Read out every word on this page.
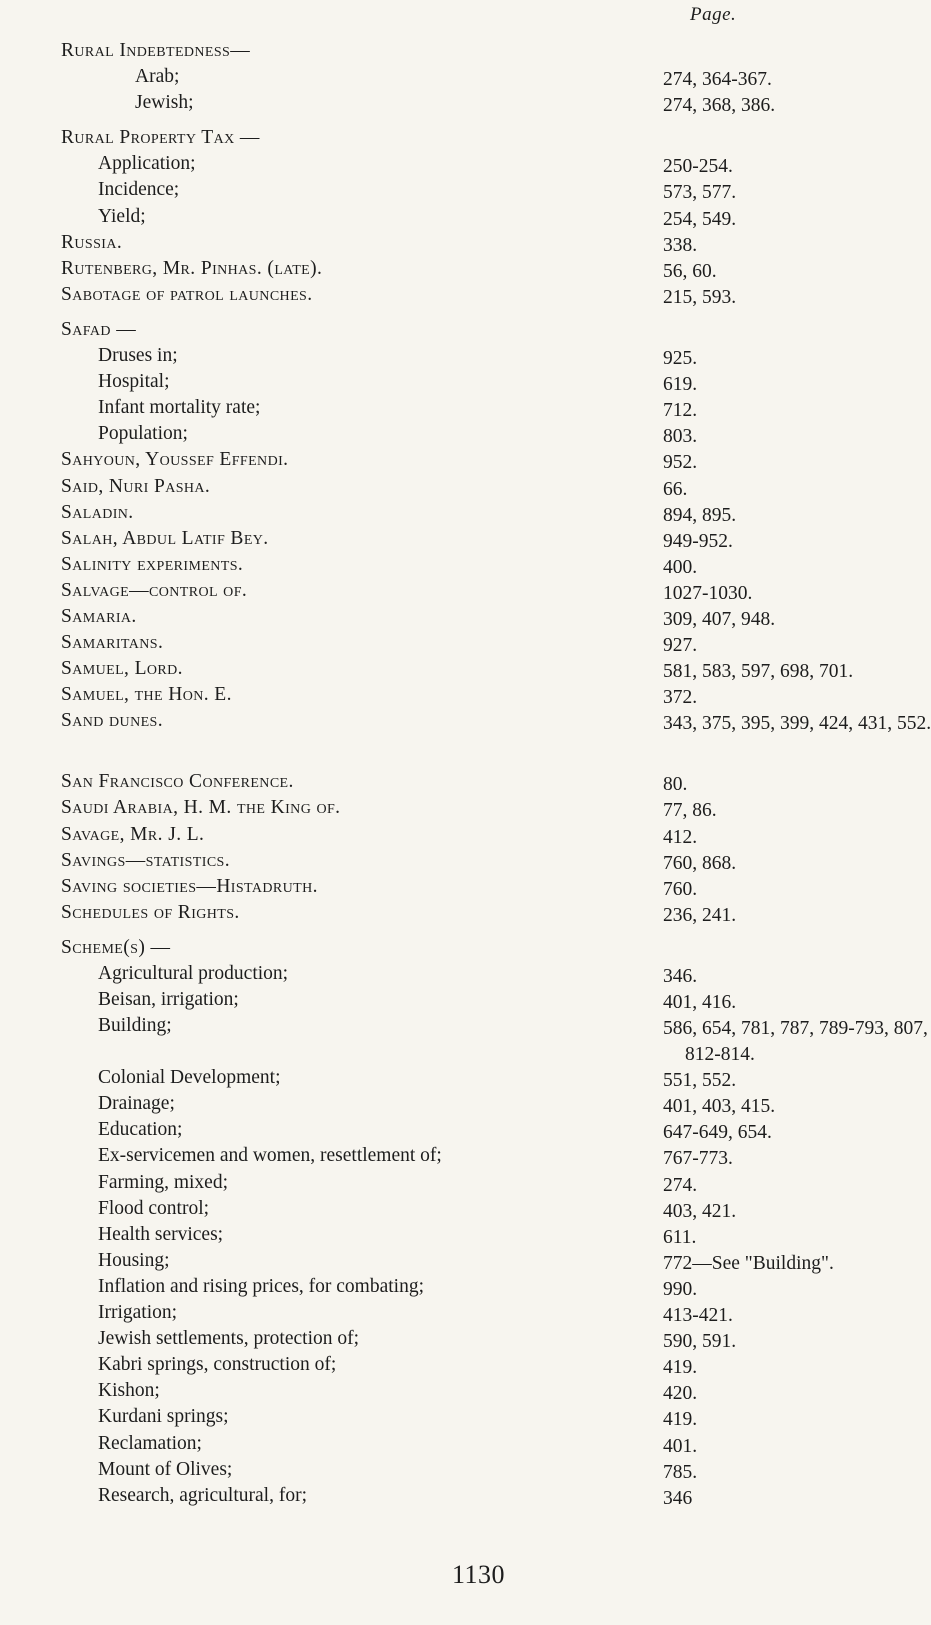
Page.
Rural Indebtedness—
Arab;	274, 364-367.
Jewish;	274, 368, 386.
Rural Property Tax —
Application;	250-254.
Incidence;	573, 577.
Yield;	254, 549.
Russia.	338.
Rutenberg, Mr. Pinhas. (late).	56, 60.
Sabotage of patrol launches.	215, 593.
Safad —
Druses in;	925.
Hospital;	619.
Infant mortality rate;	712.
Population;	803.
Sahyoun, Youssef Effendi.	952.
Said, Nuri Pasha.	66.
Saladin.	894, 895.
Salah, Abdul Latif Bey.	949-952.
Salinity experiments.	400.
Salvage—control of.	1027-1030.
Samaria.	309, 407, 948.
Samaritans.	927.
Samuel, Lord.	581, 583, 597, 698, 701.
Samuel, the Hon. E.	372.
Sand dunes.	343, 375, 395, 399, 424, 431, 552.
San Francisco Conference.	80.
Saudi Arabia, H. M. the King of.	77, 86.
Savage, Mr. J. L.	412.
Savings—statistics.	760, 868.
Saving societies—Histadruth.	760.
Schedules of Rights.	236, 241.
Scheme(s) —
Agricultural production;	346.
Beisan, irrigation;	401, 416.
Building;	586, 654, 781, 787, 789-793, 807, 812-814.
Colonial Development;	551, 552.
Drainage;	401, 403, 415.
Education;	647-649, 654.
Ex-servicemen and women, resettlement of;	767-773.
Farming, mixed;	274.
Flood control;	403, 421.
Health services;	611.
Housing;	772—See "Building".
Inflation and rising prices, for combating;	990.
Irrigation;	413-421.
Jewish settlements, protection of;	590, 591.
Kabri springs, construction of;	419.
Kishon;	420.
Kurdani springs;	419.
Reclamation;	401.
Mount of Olives;	785.
Research, agricultural, for;	346
1130
